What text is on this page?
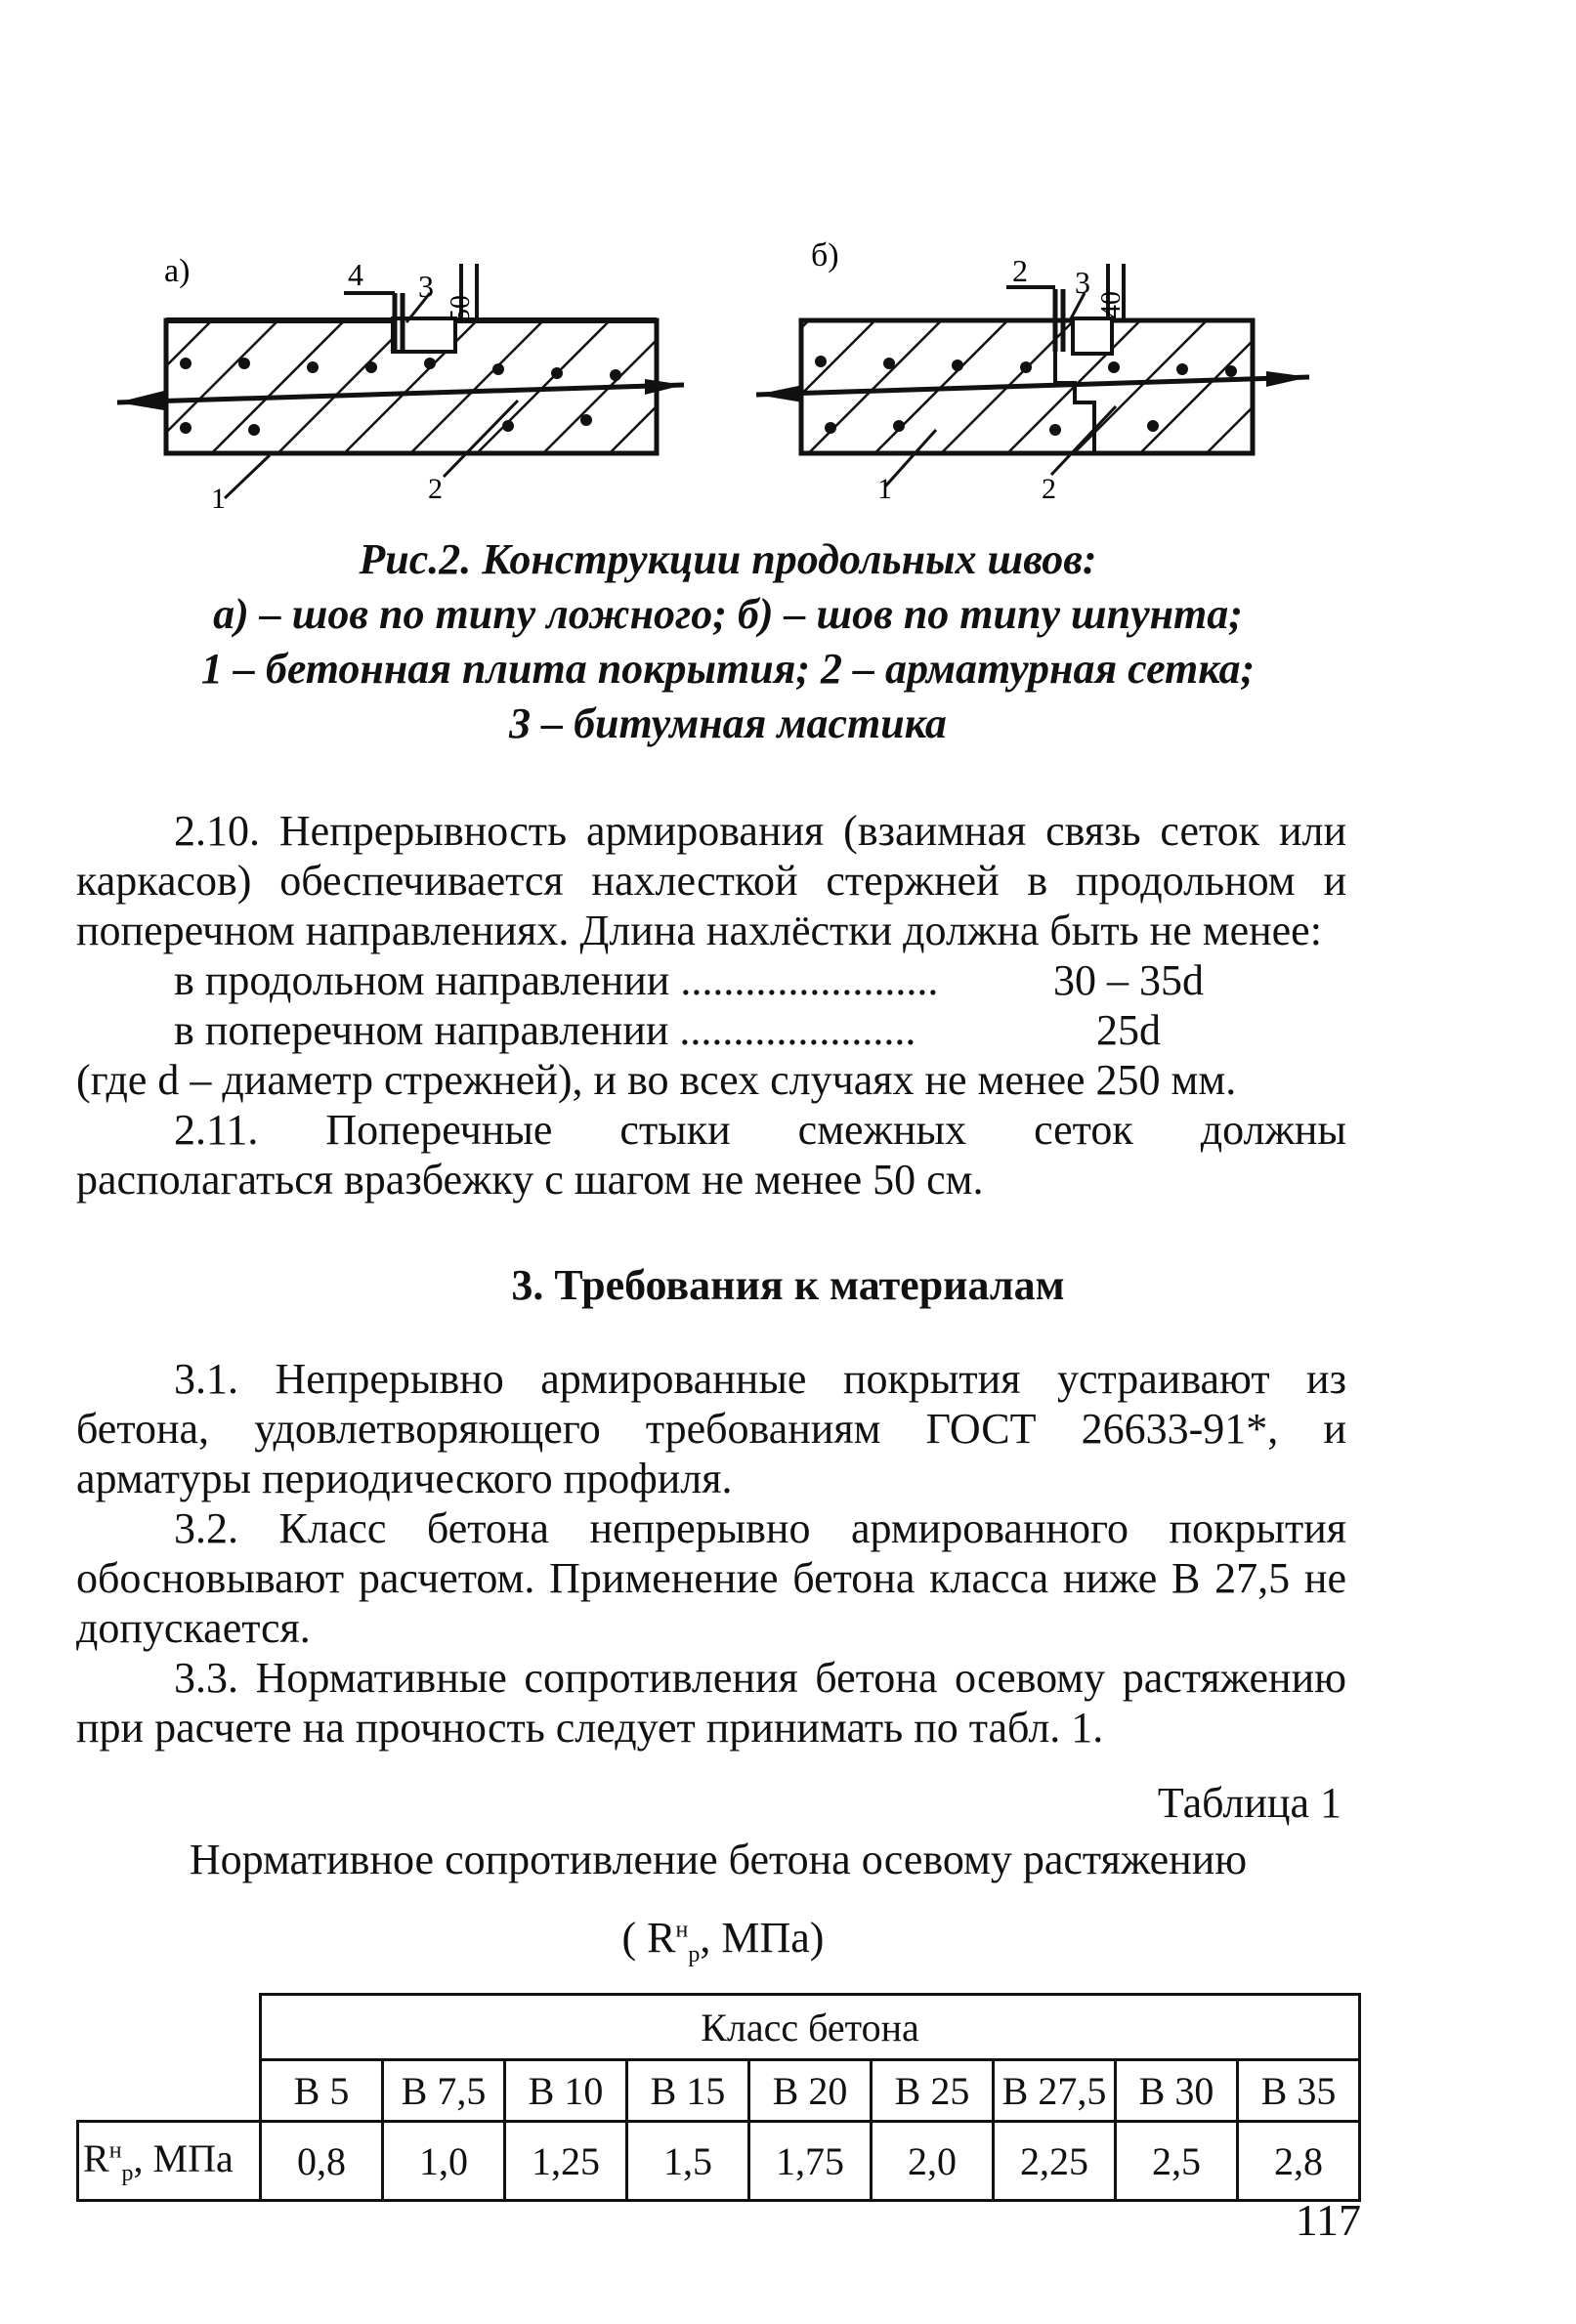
а)	4 3
50
1	2
б)	2 3
40
1	2
Рис.2. Конструкции продольных швов:
а) – шов по типу ложного; б) – шов по типу шпунта;
1 – бетонная плита покрытия; 2 – арматурная сетка;
3 – битумная мастика
2.10. Непрерывность армирования (взаимная связь сеток или каркасов) обеспечивается нахлесткой стержней в продольном и поперечном направлениях. Длина нахлёстки должна быть не менее:
в продольном направлении ........................	30 – 35d
в поперечном направлении ......................	25d
(где d – диаметр стрежней), и во всех случаях не менее 250 мм.
2.11. Поперечные стыки смежных сеток должны
располагаться вразбежку с шагом не менее 50 см.
3. Требования к материалам
3.1. Непрерывно армированные покрытия устраивают из бетона, удовлетворяющего требованиям ГОСТ 26633-91*, и арматуры периодического профиля.
3.2. Класс бетона непрерывно армированного покрытия обосновывают расчетом. Применение бетона класса ниже В 27,5 не допускается.
3.3. Нормативные сопротивления бетона осевому растяжению при расчете на прочность следует принимать по табл. 1.
Таблица 1
Нормативное сопротивление бетона осевому растяжению
( $R^н_р$, МПа)
	Класс бетона								
	В 5	В 7,5	В 10	В 15	В 20	В 25	В 27,5	В 30	В 35
$R^н_р$, МПа	0,8	1,0	1,25	1,5	1,75	2,0	2,25	2,5	2,8
117
